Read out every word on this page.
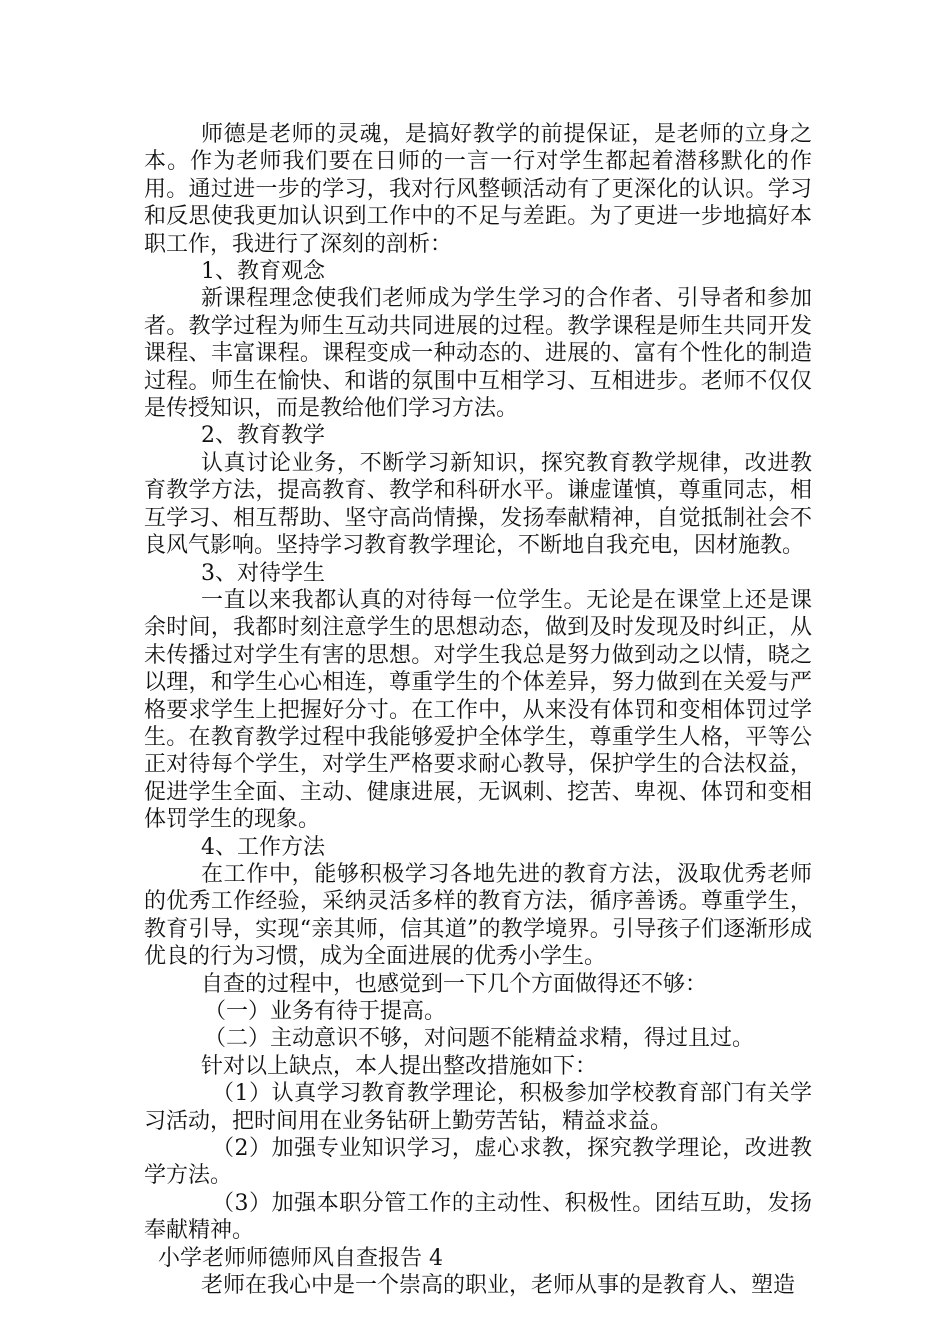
师德是老师的灵魂，是搞好教学的前提保证，是老师的立身之本。作为老师我们要在日师的一言一行对学生都起着潜移默化的作用。通过进一步的学习，我对行风整顿活动有了更深化的认识。学习和反思使我更加认识到工作中的不足与差距。为了更进一步地搞好本职工作，我进行了深刻的剖析：

1、教育观念

新课程理念使我们老师成为学生学习的合作者、引导者和参加者。教学过程为师生互动共同进展的过程。教学课程是师生共同开发课程、丰富课程。课程变成一种动态的、进展的、富有个性化的制造过程。师生在愉快、和谐的氛围中互相学习、互相进步。老师不仅仅是传授知识，而是教给他们学习方法。

2、教育教学

认真讨论业务，不断学习新知识，探究教育教学规律，改进教育教学方法，提高教育、教学和科研水平。谦虚谨慎，尊重同志，相互学习、相互帮助、坚守高尚情操，发扬奉献精神，自觉抵制社会不良风气影响。坚持学习教育教学理论，不断地自我充电，因材施教。

3、对待学生

一直以来我都认真的对待每一位学生。无论是在课堂上还是课余时间，我都时刻注意学生的思想动态，做到及时发现及时纠正，从未传播过对学生有害的思想。对学生我总是努力做到动之以情，晓之以理，和学生心心相连，尊重学生的个体差异，努力做到在关爱与严格要求学生上把握好分寸。在工作中，从来没有体罚和变相体罚过学生。在教育教学过程中我能够爱护全体学生，尊重学生人格，平等公正对待每个学生，对学生严格要求耐心教导，保护学生的合法权益，促进学生全面、主动、健康进展，无讽刺、挖苦、卑视、体罚和变相体罚学生的现象。

4、工作方法

在工作中，能够积极学习各地先进的教育方法，汲取优秀老师的优秀工作经验，采纳灵活多样的教育方法，循序善诱。尊重学生，教育引导，实现“亲其师，信其道”的教学境界。引导孩子们逐渐形成优良的行为习惯，成为全面进展的优秀小学生。

自查的过程中，也感觉到一下几个方面做得还不够：

（一）业务有待于提高。

（二）主动意识不够，对问题不能精益求精，得过且过。

针对以上缺点，本人提出整改措施如下：

（1）认真学习教育教学理论，积极参加学校教育部门有关学习活动，把时间用在业务钻研上勤劳苦钻，精益求益。

（2）加强专业知识学习，虚心求教，探究教学理论，改进教学方法。

（3）加强本职分管工作的主动性、积极性。团结互助，发扬奉献精神。

小学老师师德师风自查报告 4

老师在我心中是一个崇高的职业，老师从事的是教育人、塑造
